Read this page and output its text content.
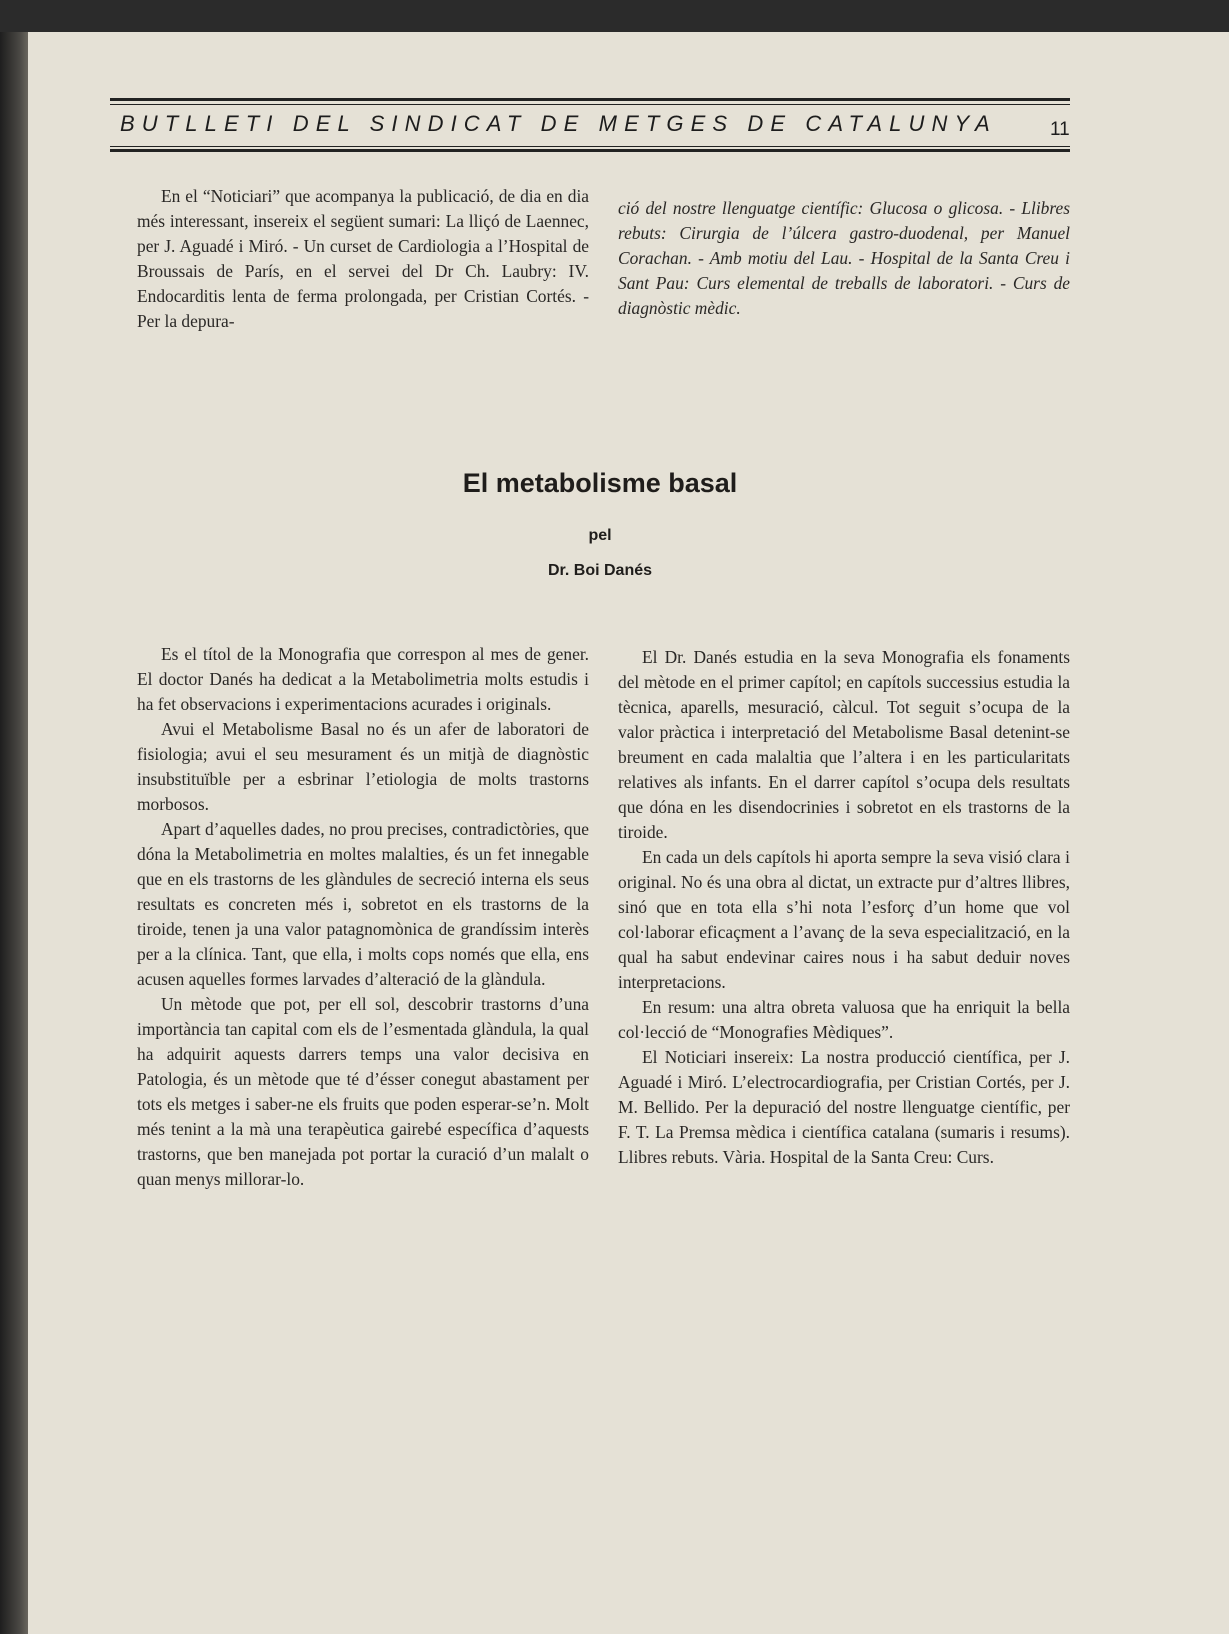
BUTLLETI DEL SINDICAT DE METGES DE CATALUNYA	11

En el “Noticiari” que acompanya la publicació, de dia en dia més interessant, insereix el següent sumari: La lliçó de Laennec, per J. Aguadé i Miró. - Un curset de Cardiologia a l’Hospital de Broussais de París, en el servei del Dr Ch. Laubry: IV. Endocarditis lenta de ferma prolongada, per Cristian Cortés. - Per la depura-

ció del nostre llenguatge científic: Glucosa o glicosa. - Llibres rebuts: Cirurgia de l’úlcera gastro-duodenal, per Manuel Corachan. - Amb motiu del Lau. - Hospital de la Santa Creu i Sant Pau: Curs elemental de treballs de laboratori. - Curs de diagnòstic mèdic.

El metabolisme basal
pel
Dr. Boi Danés

Es el títol de la Monografia que correspon al mes de gener. El doctor Danés ha dedicat a la Metabolimetria molts estudis i ha fet observacions i experimentacions acurades i originals.

Avui el Metabolisme Basal no és un afer de laboratori de fisiologia; avui el seu mesurament és un mitjà de diagnòstic insubstituïble per a esbrinar l’etiologia de molts trastorns morbosos.

Apart d’aquelles dades, no prou precises, contradictòries, que dóna la Metabolimetria en moltes malalties, és un fet innegable que en els trastorns de les glàndules de secreció interna els seus resultats es concreten més i, sobretot en els trastorns de la tiroide, tenen ja una valor patagnomònica de grandíssim interès per a la clínica. Tant, que ella, i molts cops només que ella, ens acusen aquelles formes larvades d’alteració de la glàndula.

Un mètode que pot, per ell sol, descobrir trastorns d’una importància tan capital com els de l’esmentada glàndula, la qual ha adquirit aquests darrers temps una valor decisiva en Patologia, és un mètode que té d’ésser conegut abastament per tots els metges i saber-ne els fruits que poden esperar-se’n. Molt més tenint a la mà una terapèutica gairebé específica d’aquests trastorns, que ben manejada pot portar la curació d’un malalt o quan menys millorar-lo.

El Dr. Danés estudia en la seva Monografia els fonaments del mètode en el primer capítol; en capítols successius estudia la tècnica, aparells, mesuració, càlcul. Tot seguit s’ocupa de la valor pràctica i interpretació del Metabolisme Basal detenint-se breument en cada malaltia que l’altera i en les particularitats relatives als infants. En el darrer capítol s’ocupa dels resultats que dóna en les disendocrinies i sobretot en els trastorns de la tiroide.

En cada un dels capítols hi aporta sempre la seva visió clara i original. No és una obra al dictat, un extracte pur d’altres llibres, sinó que en tota ella s’hi nota l’esforç d’un home que vol col·laborar eficaçment a l’avanç de la seva especialització, en la qual ha sabut endevinar caires nous i ha sabut deduir noves interpretacions.

En resum: una altra obreta valuosa que ha enriquit la bella col·lecció de “Monografies Mèdiques”.

El Noticiari insereix: La nostra producció científica, per J. Aguadé i Miró. L’electrocardiografia, per Cristian Cortés, per J. M. Bellido. Per la depuració del nostre llenguatge científic, per F. T. La Premsa mèdica i científica catalana (sumaris i resums). Llibres rebuts. Vària. Hospital de la Santa Creu: Curs.
